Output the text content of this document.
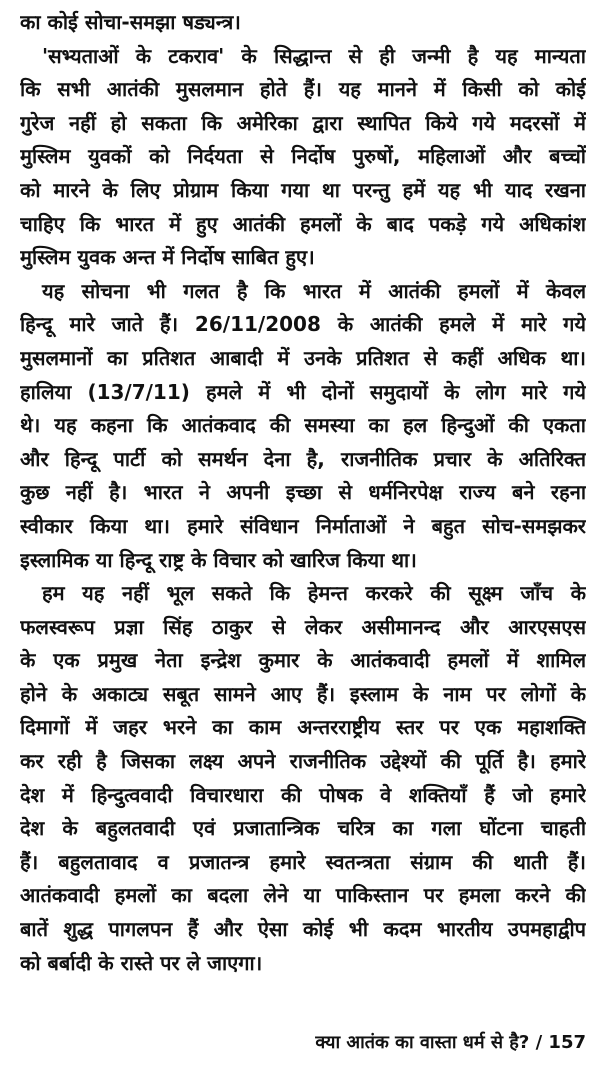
का कोई सोचा-समझा षड्यन्त्र।
'सभ्यताओं के टकराव' के सिद्धान्त से ही जन्मी है यह मान्यता
कि सभी आतंकी मुसलमान होते हैं। यह मानने में किसी को कोई
गुरेज नहीं हो सकता कि अमेरिका द्वारा स्थापित किये गये मदरसों में
मुस्लिम युवकों को निर्दयता से निर्दोष पुरुषों, महिलाओं और बच्चों
को मारने के लिए प्रोग्राम किया गया था परन्तु हमें यह भी याद रखना
चाहिए कि भारत में हुए आतंकी हमलों के बाद पकड़े गये अधिकांश
मुस्लिम युवक अन्त में निर्दोष साबित हुए।
यह सोचना भी गलत है कि भारत में आतंकी हमलों में केवल
हिन्दू मारे जाते हैं। 26/11/2008 के आतंकी हमले में मारे गये
मुसलमानों का प्रतिशत आबादी में उनके प्रतिशत से कहीं अधिक था।
हालिया (13/7/11) हमले में भी दोनों समुदायों के लोग मारे गये
थे। यह कहना कि आतंकवाद की समस्या का हल हिन्दुओं की एकता
और हिन्दू पार्टी को समर्थन देना है, राजनीतिक प्रचार के अतिरिक्त
कुछ नहीं है। भारत ने अपनी इच्छा से धर्मनिरपेक्ष राज्य बने रहना
स्वीकार किया था। हमारे संविधान निर्माताओं ने बहुत सोच-समझकर
इस्लामिक या हिन्दू राष्ट्र के विचार को खारिज किया था।
हम यह नहीं भूल सकते कि हेमन्त करकरे की सूक्ष्म जाँच के
फलस्वरूप प्रज्ञा सिंह ठाकुर से लेकर असीमानन्द और आरएसएस
के एक प्रमुख नेता इन्द्रेश कुमार के आतंकवादी हमलों में शामिल
होने के अकाट्य सबूत सामने आए हैं। इस्लाम के नाम पर लोगों के
दिमागों में जहर भरने का काम अन्तरराष्ट्रीय स्तर पर एक महाशक्ति
कर रही है जिसका लक्ष्य अपने राजनीतिक उद्देश्यों की पूर्ति है। हमारे
देश में हिन्दुत्ववादी विचारधारा की पोषक वे शक्तियाँ हैं जो हमारे
देश के बहुलतवादी एवं प्रजातान्त्रिक चरित्र का गला घोंटना चाहती
हैं। बहुलतावाद व प्रजातन्त्र हमारे स्वतन्त्रता संग्राम की थाती हैं।
आतंकवादी हमलों का बदला लेने या पाकिस्तान पर हमला करने की
बातें शुद्ध पागलपन हैं और ऐसा कोई भी कदम भारतीय उपमहाद्वीप
को बर्बादी के रास्ते पर ले जाएगा।
क्या आतंक का वास्ता धर्म से है? / 157
